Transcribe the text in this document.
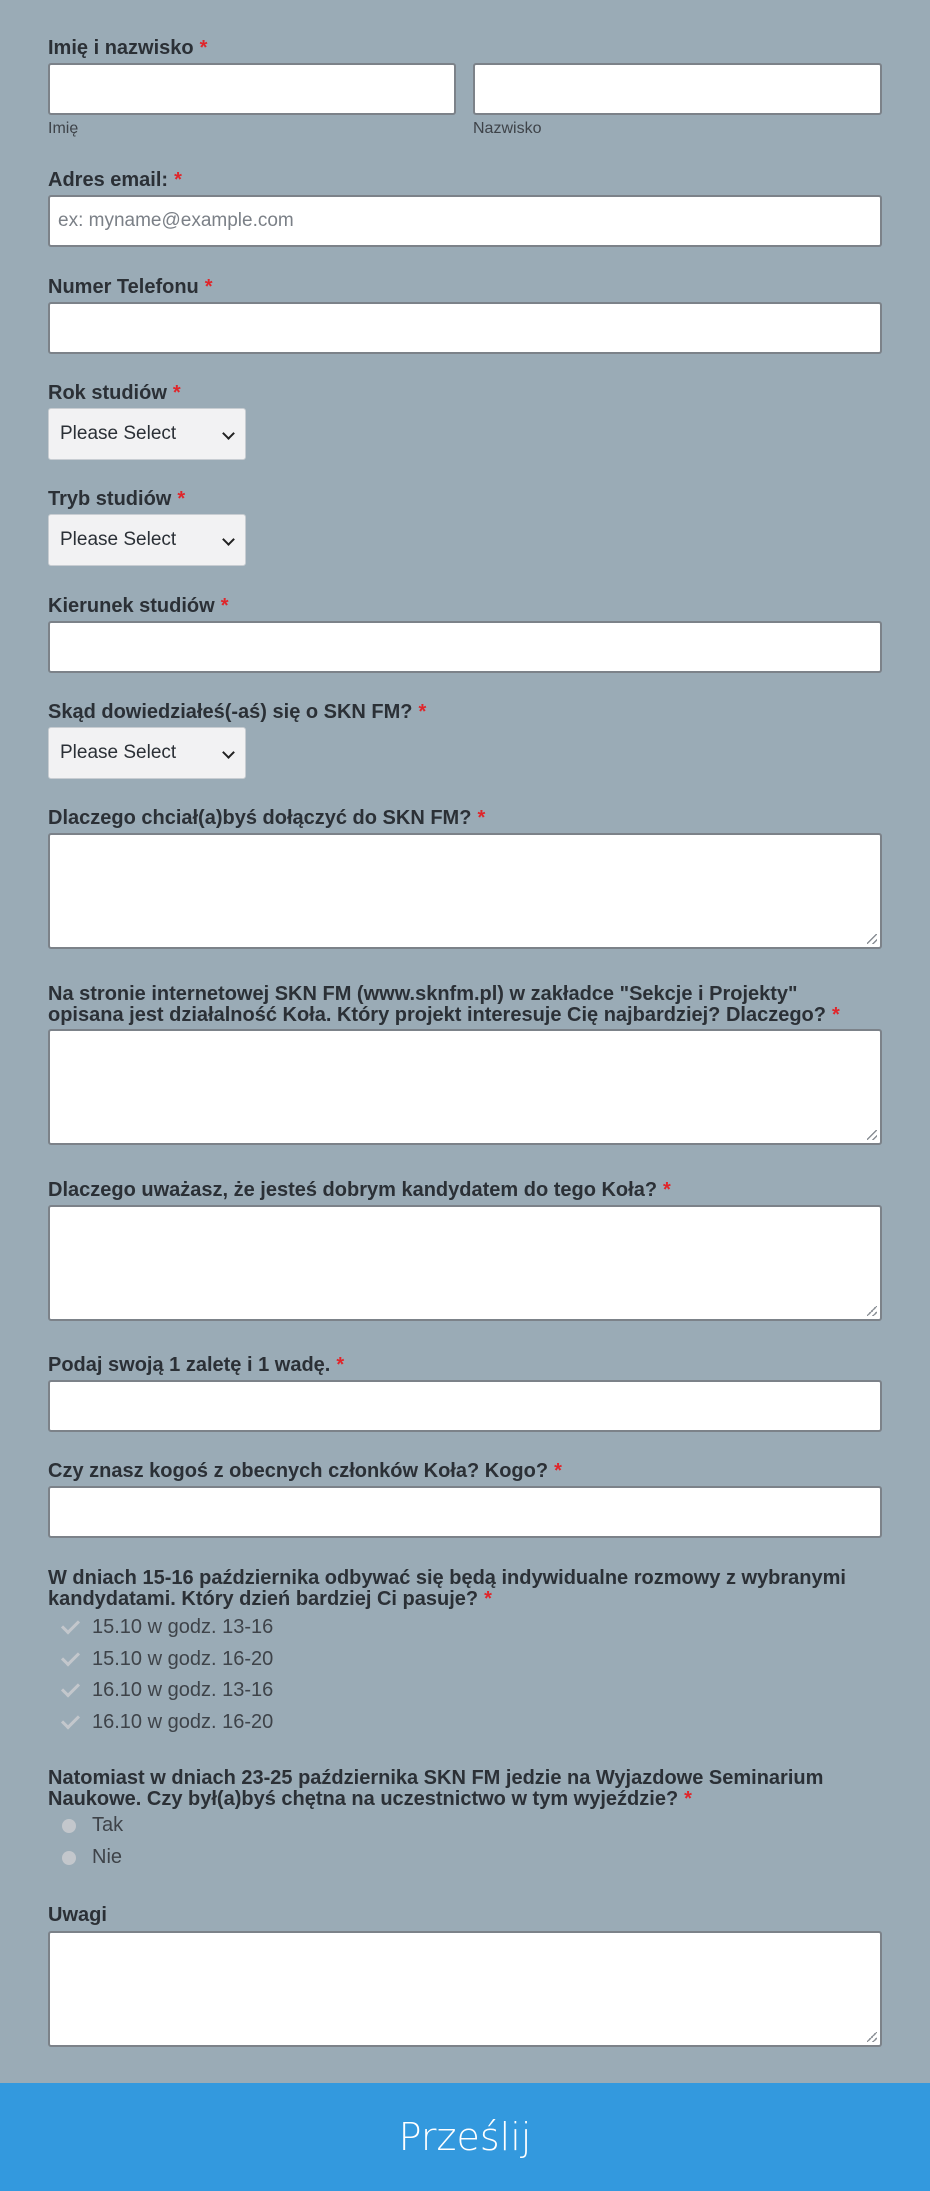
Imię i nazwisko *
Imię	Nazwisko
Adres email: *
ex: myname@example.com
Numer Telefonu *
Rok studiów *
Please Select
Tryb studiów *
Please Select
Kierunek studiów *
Skąd dowiedziałeś(-aś) się o SKN FM? *
Please Select
Dlaczego chciał(a)byś dołączyć do SKN FM? *
Na stronie internetowej SKN FM (www.sknfm.pl) w zakładce "Sekcje i Projekty"
opisana jest działalność Koła. Który projekt interesuje Cię najbardziej? Dlaczego? *
Dlaczego uważasz, że jesteś dobrym kandydatem do tego Koła? *
Podaj swoją 1 zaletę i 1 wadę. *
Czy znasz kogoś z obecnych członków Koła? Kogo? *
W dniach 15-16 października odbywać się będą indywidualne rozmowy z wybranymi
kandydatami. Który dzień bardziej Ci pasuje? *
15.10 w godz. 13-16
15.10 w godz. 16-20
16.10 w godz. 13-16
16.10 w godz. 16-20
Natomiast w dniach 23-25 października SKN FM jedzie na Wyjazdowe Seminarium
Naukowe. Czy był(a)byś chętna na uczestnictwo w tym wyjeździe? *
Tak
Nie
Uwagi
Prześlij
